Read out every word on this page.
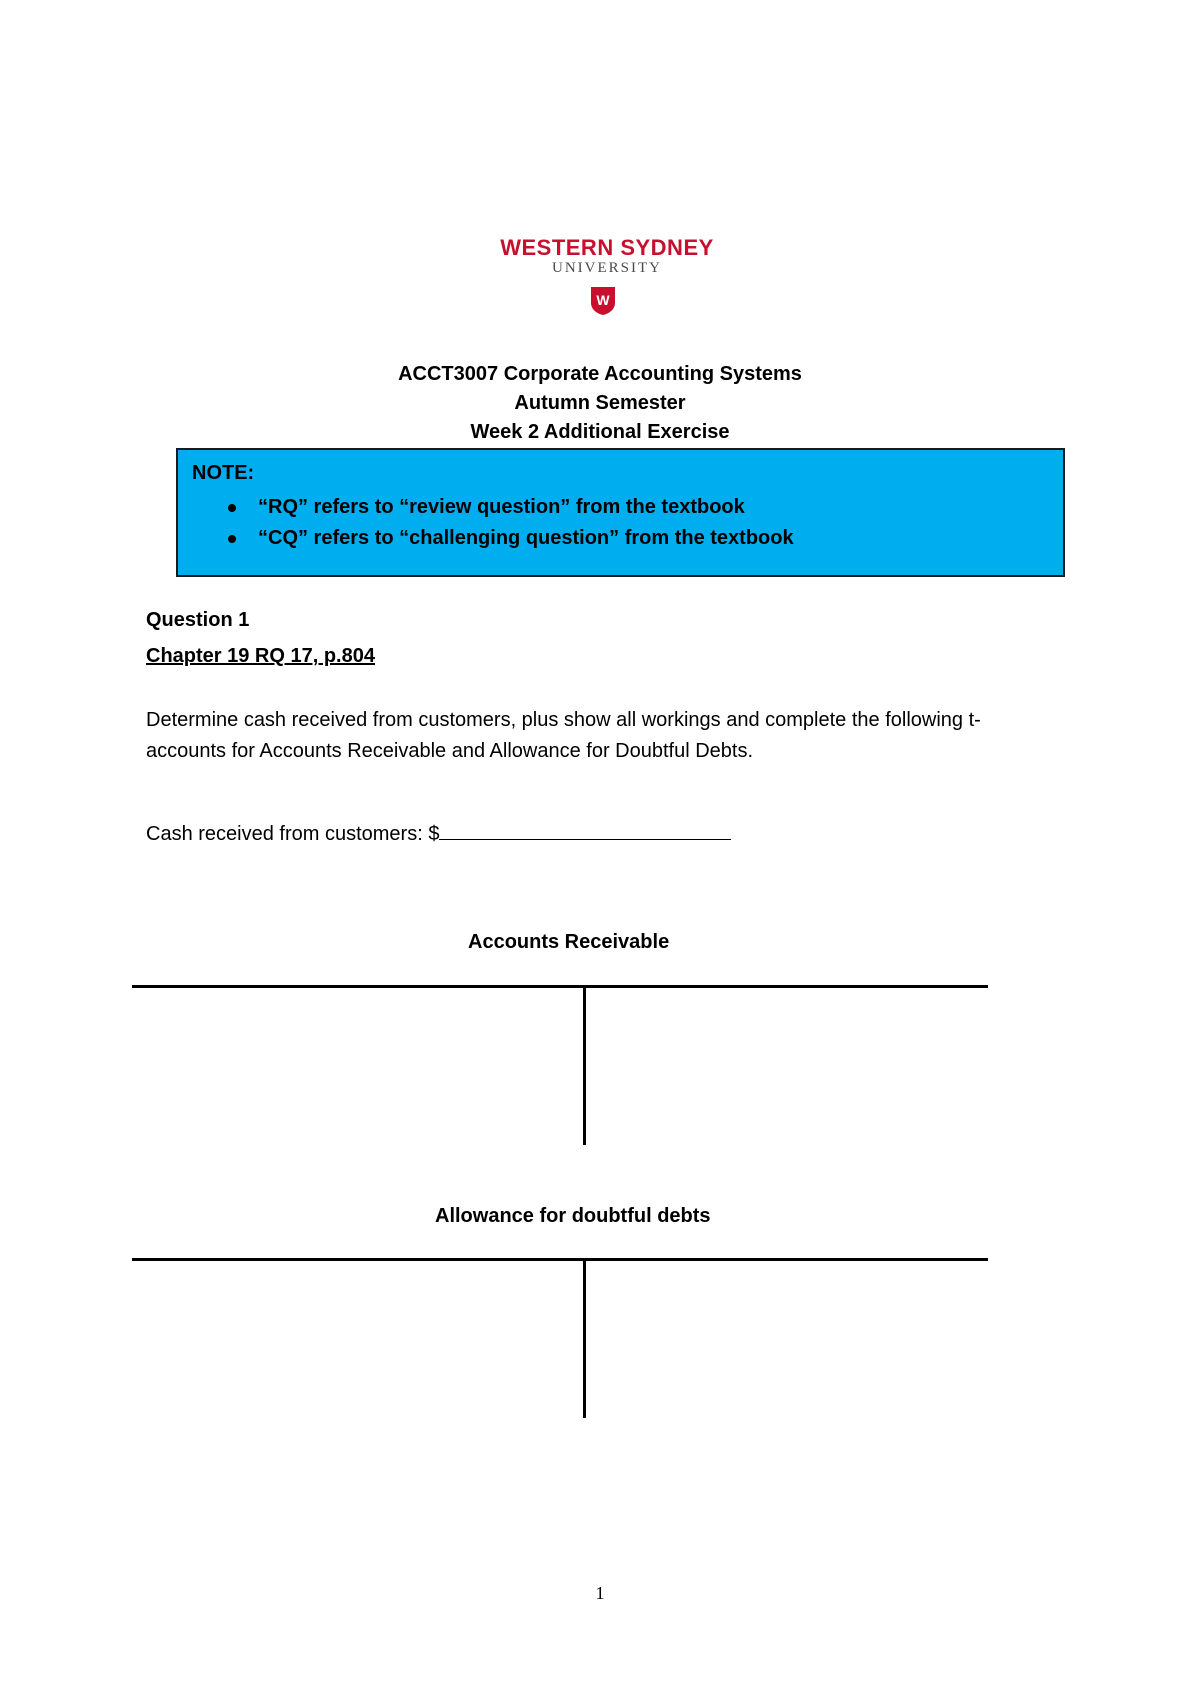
WESTERN SYDNEY
UNIVERSITY
W
ACCT3007 Corporate Accounting Systems
Autumn Semester
Week 2 Additional Exercise
NOTE:
“RQ” refers to “review question” from the textbook
“CQ” refers to “challenging question” from the textbook
Question 1
Chapter 19 RQ 17, p.804
Determine cash received from customers, plus show all workings and complete the following t-accounts for Accounts Receivable and Allowance for Doubtful Debts.
Cash received from customers: $
Accounts Receivable
Allowance for doubtful debts
1
